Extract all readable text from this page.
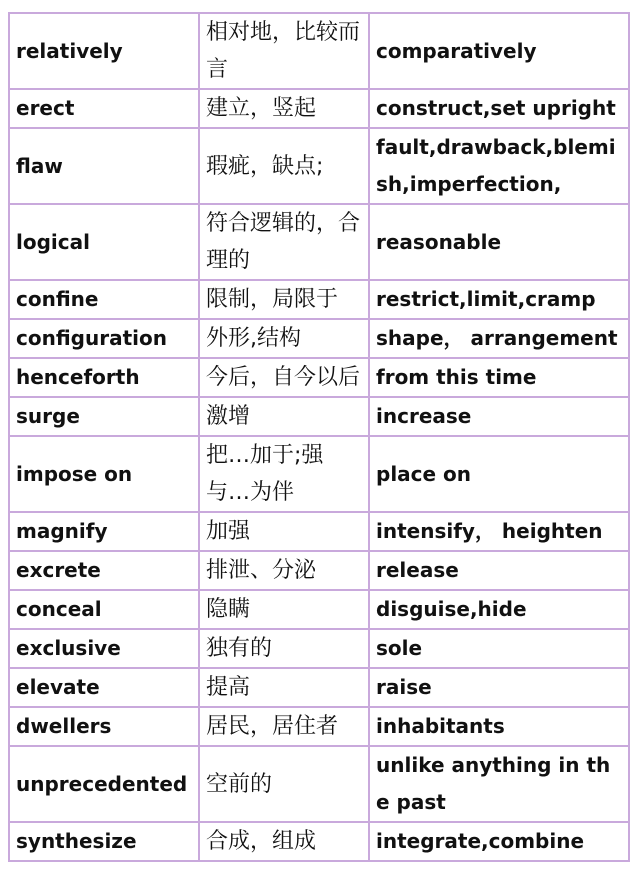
relatively	相对地，比较而言	comparatively
erect	建立，竖起	construct,set upright
flaw	瑕疵，缺点;	fault,drawback,blemish,imperfection,
logical	符合逻辑的，合理的	reasonable
confine	限制，局限于	restrict,limit,cramp
configuration	外形,结构	shape， arrangement
henceforth	今后，自今以后	from this time
surge	激增	increase
impose on	把…加于;强与…为伴	place on
magnify	加强	intensify， heighten
excrete	排泄、分泌	release
conceal	隐瞒	disguise,hide
exclusive	独有的	sole
elevate	提高	raise
dwellers	居民，居住者	inhabitants
unprecedented	空前的	unlike anything in the past
synthesize	合成，组成	integrate,combine
